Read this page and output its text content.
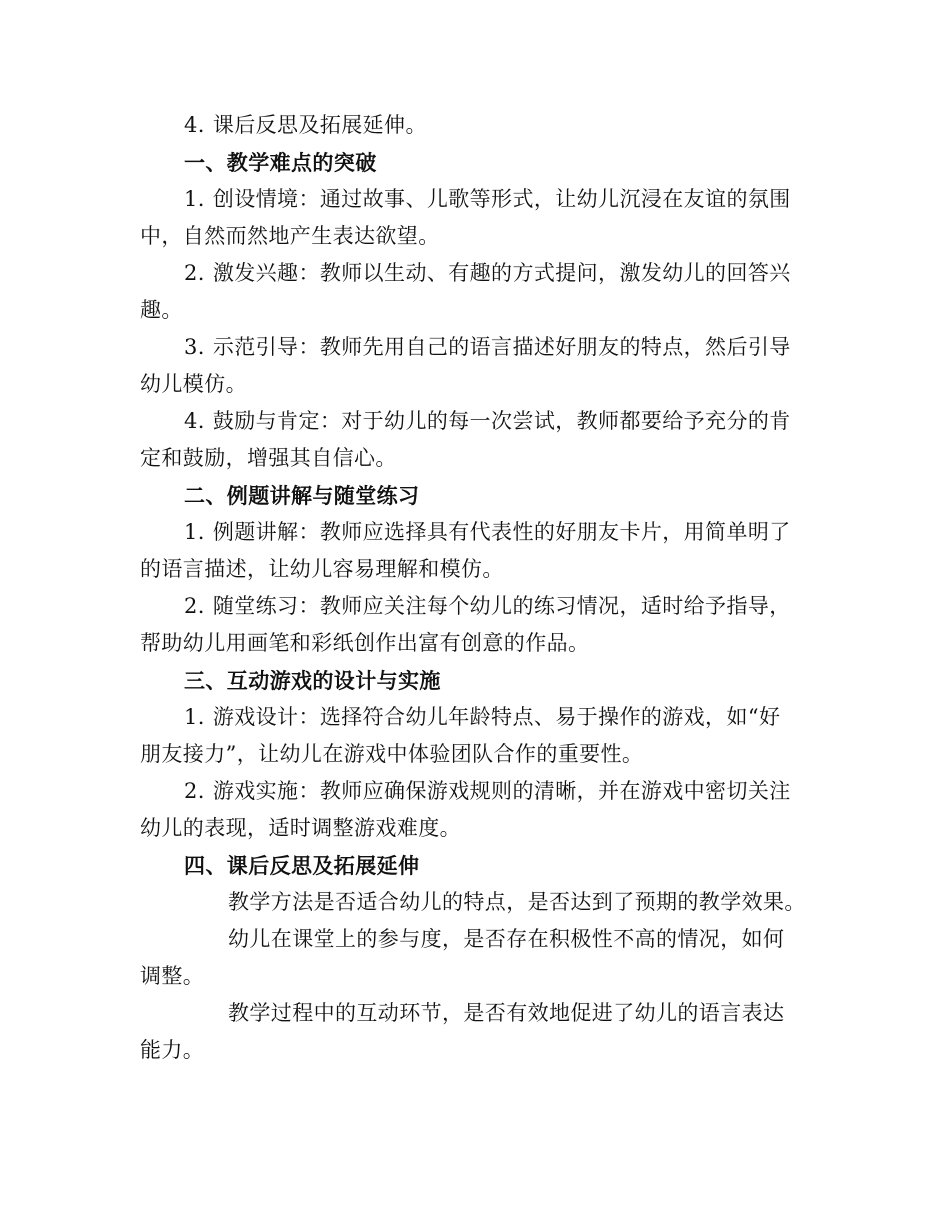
4. 课后反思及拓展延伸。
一、教学难点的突破
1. 创设情境：通过故事、儿歌等形式，让幼儿沉浸在友谊的氛围
中，自然而然地产生表达欲望。
2. 激发兴趣：教师以生动、有趣的方式提问，激发幼儿的回答兴
趣。
3. 示范引导：教师先用自己的语言描述好朋友的特点，然后引导
幼儿模仿。
4. 鼓励与肯定：对于幼儿的每一次尝试，教师都要给予充分的肯
定和鼓励，增强其自信心。
二、例题讲解与随堂练习
1. 例题讲解：教师应选择具有代表性的好朋友卡片，用简单明了
的语言描述，让幼儿容易理解和模仿。
2. 随堂练习：教师应关注每个幼儿的练习情况，适时给予指导，
帮助幼儿用画笔和彩纸创作出富有创意的作品。
三、互动游戏的设计与实施
1. 游戏设计：选择符合幼儿年龄特点、易于操作的游戏，如“好
朋友接力”，让幼儿在游戏中体验团队合作的重要性。
2. 游戏实施：教师应确保游戏规则的清晰，并在游戏中密切关注
幼儿的表现，适时调整游戏难度。
四、课后反思及拓展延伸
教学方法是否适合幼儿的特点，是否达到了预期的教学效果。
幼儿在课堂上的参与度，是否存在积极性不高的情况，如何
调整。
教学过程中的互动环节，是否有效地促进了幼儿的语言表达
能力。
